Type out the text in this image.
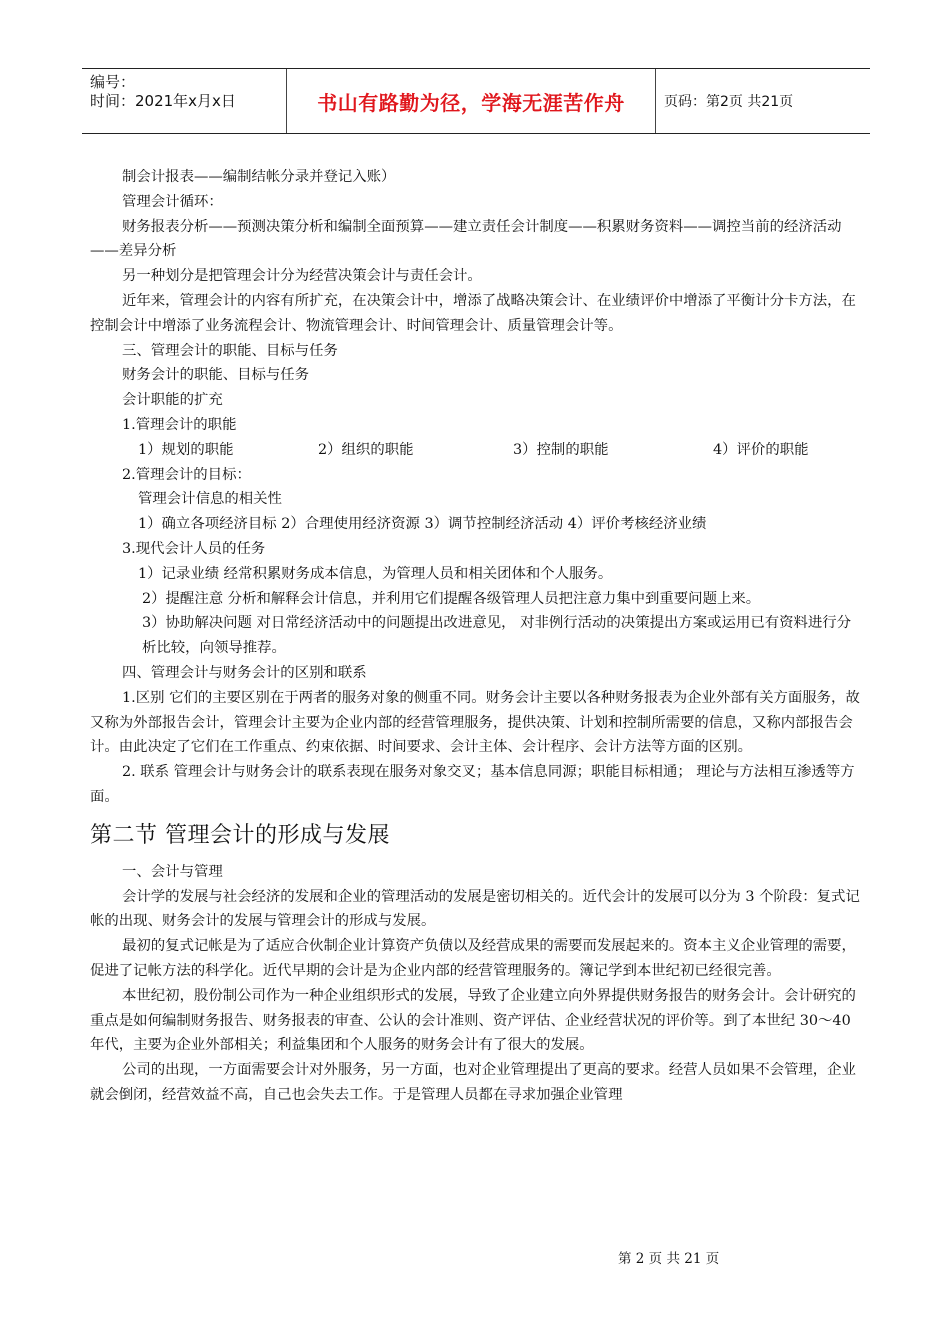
编号：
时间：2021年x月x日	书山有路勤为径，学海无涯苦作舟	页码：第2页 共21页

制会计报表——编制结帐分录并登记入账）

管理会计循环：

财务报表分析——预测决策分析和编制全面预算——建立责任会计制度——积累财务资料——调控当前的经济活动——差异分析

另一种划分是把管理会计分为经营决策会计与责任会计。

近年来，管理会计的内容有所扩充，在决策会计中，增添了战略决策会计、在业绩评价中增添了平衡计分卡方法，在控制会计中增添了业务流程会计、物流管理会计、时间管理会计、质量管理会计等。

三、管理会计的职能、目标与任务

财务会计的职能、目标与任务

会计职能的扩充

1.管理会计的职能

1）规划的职能	2）组织的职能	3）控制的职能	4）评价的职能

2.管理会计的目标：

管理会计信息的相关性

1）确立各项经济目标 2）合理使用经济资源 3）调节控制经济活动 4）评价考核经济业绩

3.现代会计人员的任务

1）记录业绩 经常积累财务成本信息，为管理人员和相关团体和个人服务。

2）提醒注意 分析和解释会计信息，并利用它们提醒各级管理人员把注意力集中到重要问题上来。

3）协助解决问题 对日常经济活动中的问题提出改进意见， 对非例行活动的决策提出方案或运用已有资料进行分析比较，向领导推荐。

四、管理会计与财务会计的区别和联系

1.区别 它们的主要区别在于两者的服务对象的侧重不同。财务会计主要以各种财务报表为企业外部有关方面服务，故又称为外部报告会计，管理会计主要为企业内部的经营管理服务，提供决策、计划和控制所需要的信息，又称内部报告会计。由此决定了它们在工作重点、约束依据、时间要求、会计主体、会计程序、会计方法等方面的区别。

2. 联系 管理会计与财务会计的联系表现在服务对象交叉；基本信息同源；职能目标相通； 理论与方法相互渗透等方面。

第二节 管理会计的形成与发展

一、会计与管理

会计学的发展与社会经济的发展和企业的管理活动的发展是密切相关的。近代会计的发展可以分为 3 个阶段：复式记帐的出现、财务会计的发展与管理会计的形成与发展。

最初的复式记帐是为了适应合伙制企业计算资产负债以及经营成果的需要而发展起来的。资本主义企业管理的需要，促进了记帐方法的科学化。近代早期的会计是为企业内部的经营管理服务的。簿记学到本世纪初已经很完善。

本世纪初，股份制公司作为一种企业组织形式的发展，导致了企业建立向外界提供财务报告的财务会计。会计研究的重点是如何编制财务报告、财务报表的审查、公认的会计准则、资产评估、企业经营状况的评价等。到了本世纪 30～40 年代，主要为企业外部相关；利益集团和个人服务的财务会计有了很大的发展。

公司的出现，一方面需要会计对外服务，另一方面，也对企业管理提出了更高的要求。经营人员如果不会管理，企业就会倒闭，经营效益不高，自己也会失去工作。于是管理人员都在寻求加强企业管理

第 2 页 共 21 页
